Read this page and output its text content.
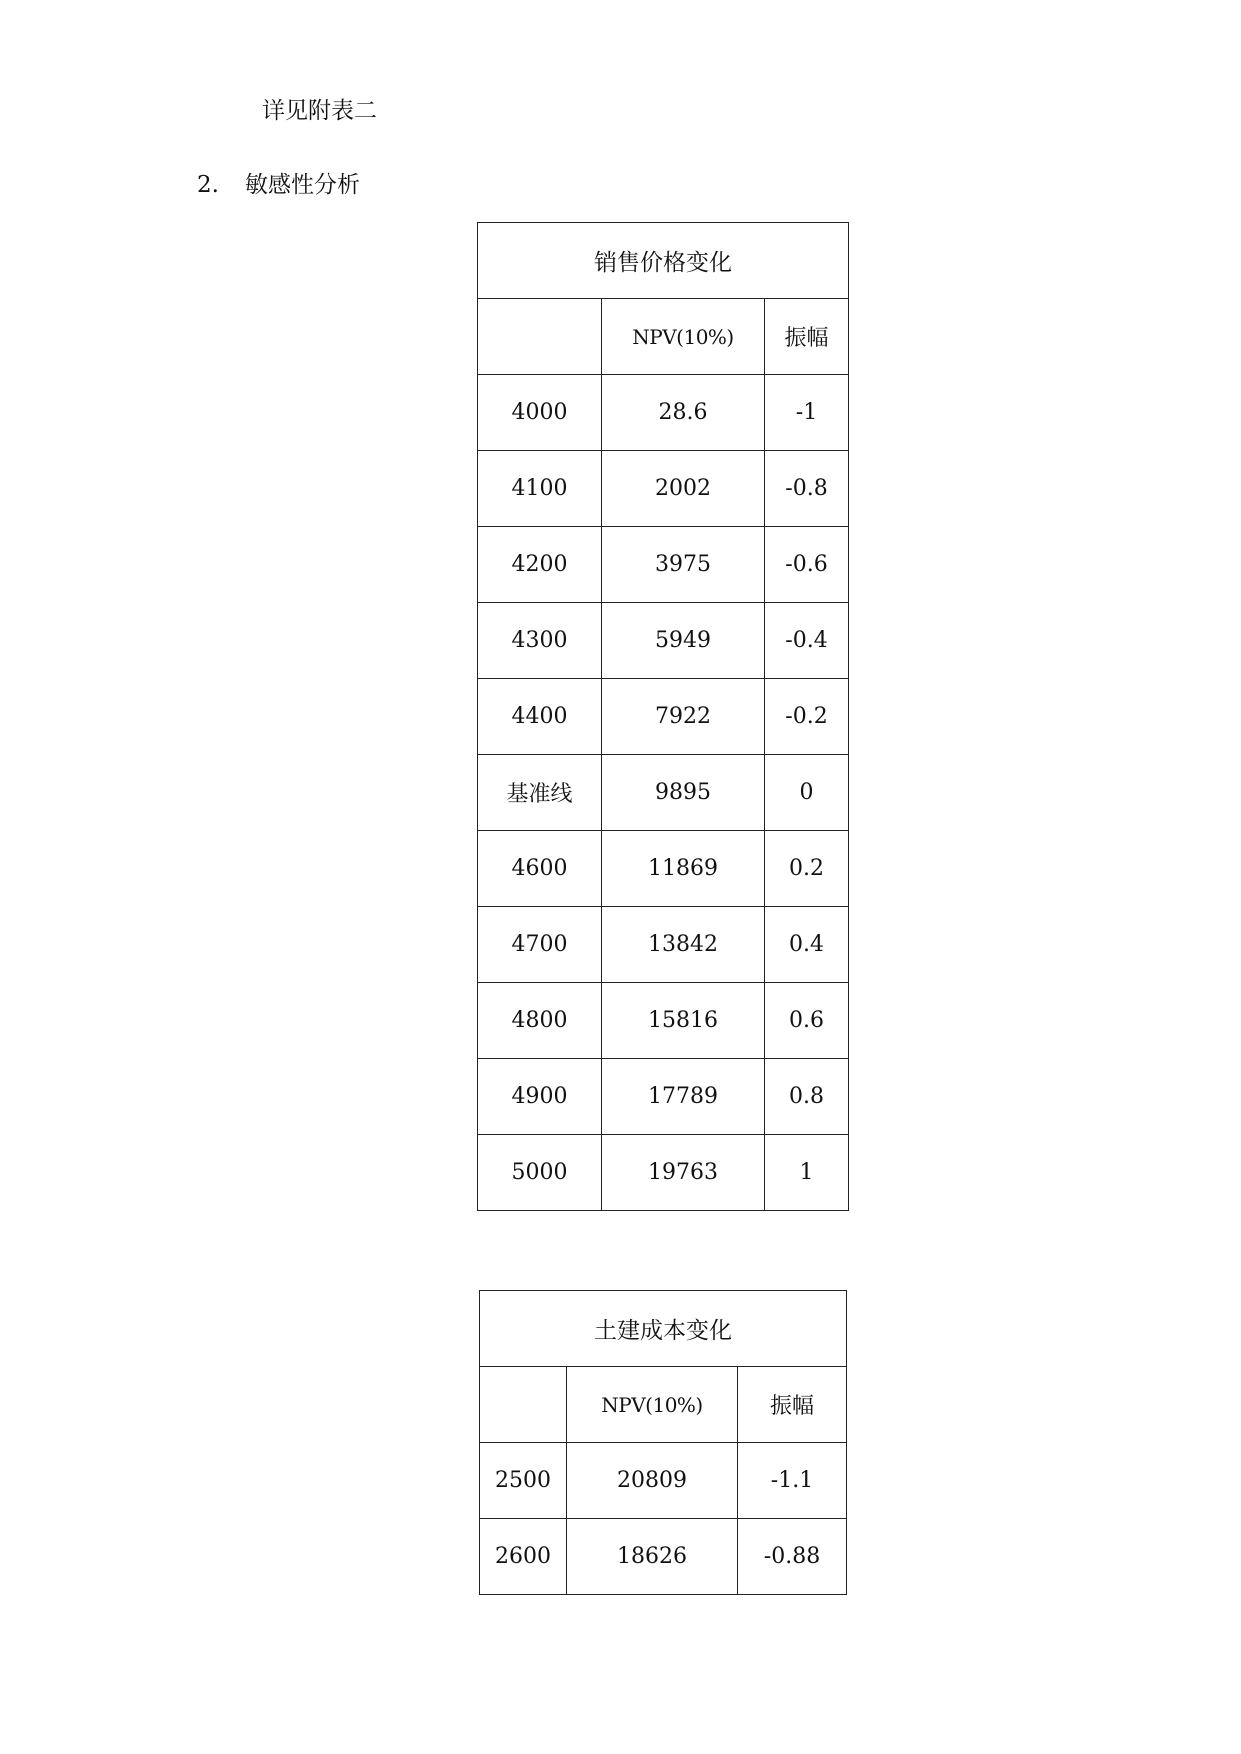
详见附表二
2. 敏感性分析
销售价格变化		
	NPV(10%)	振幅
4000	28.6	-1
4100	2002	-0.8
4200	3975	-0.6
4300	5949	-0.4
4400	7922	-0.2
基准线	9895	0
4600	11869	0.2
4700	13842	0.4
4800	15816	0.6
4900	17789	0.8
5000	19763	1
土建成本变化		
	NPV(10%)	振幅
2500	20809	-1.1
2600	18626	-0.88
